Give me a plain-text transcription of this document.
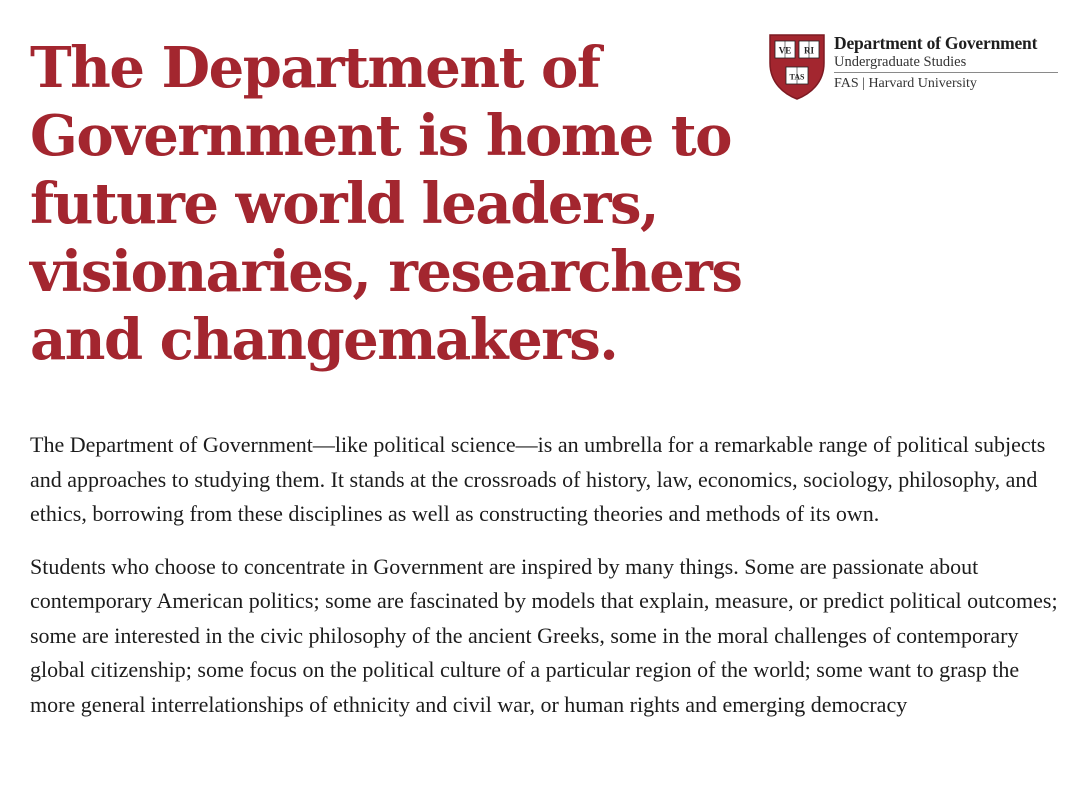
The Department of
Government is home to
future world leaders,
visionaries, researchers
and changemakers.
VE RI
TAS
Department of Government
Undergraduate Studies
FAS | Harvard University

The Department of Government—like political science—is an umbrella for a remarkable range of political subjects and approaches to studying them. It stands at the crossroads of history, law, economics, sociology, philosophy, and ethics, borrowing from these disciplines as well as constructing theories and methods of its own.

Students who choose to concentrate in Government are inspired by many things. Some are passionate about contemporary American politics; some are fascinated by models that explain, measure, or predict political outcomes; some are interested in the civic philosophy of the ancient Greeks, some in the moral challenges of contemporary global citizenship; some focus on the political culture of a particular region of the world; some want to grasp the more general interrelationships of ethnicity and civil war, or human rights and emerging democracy
